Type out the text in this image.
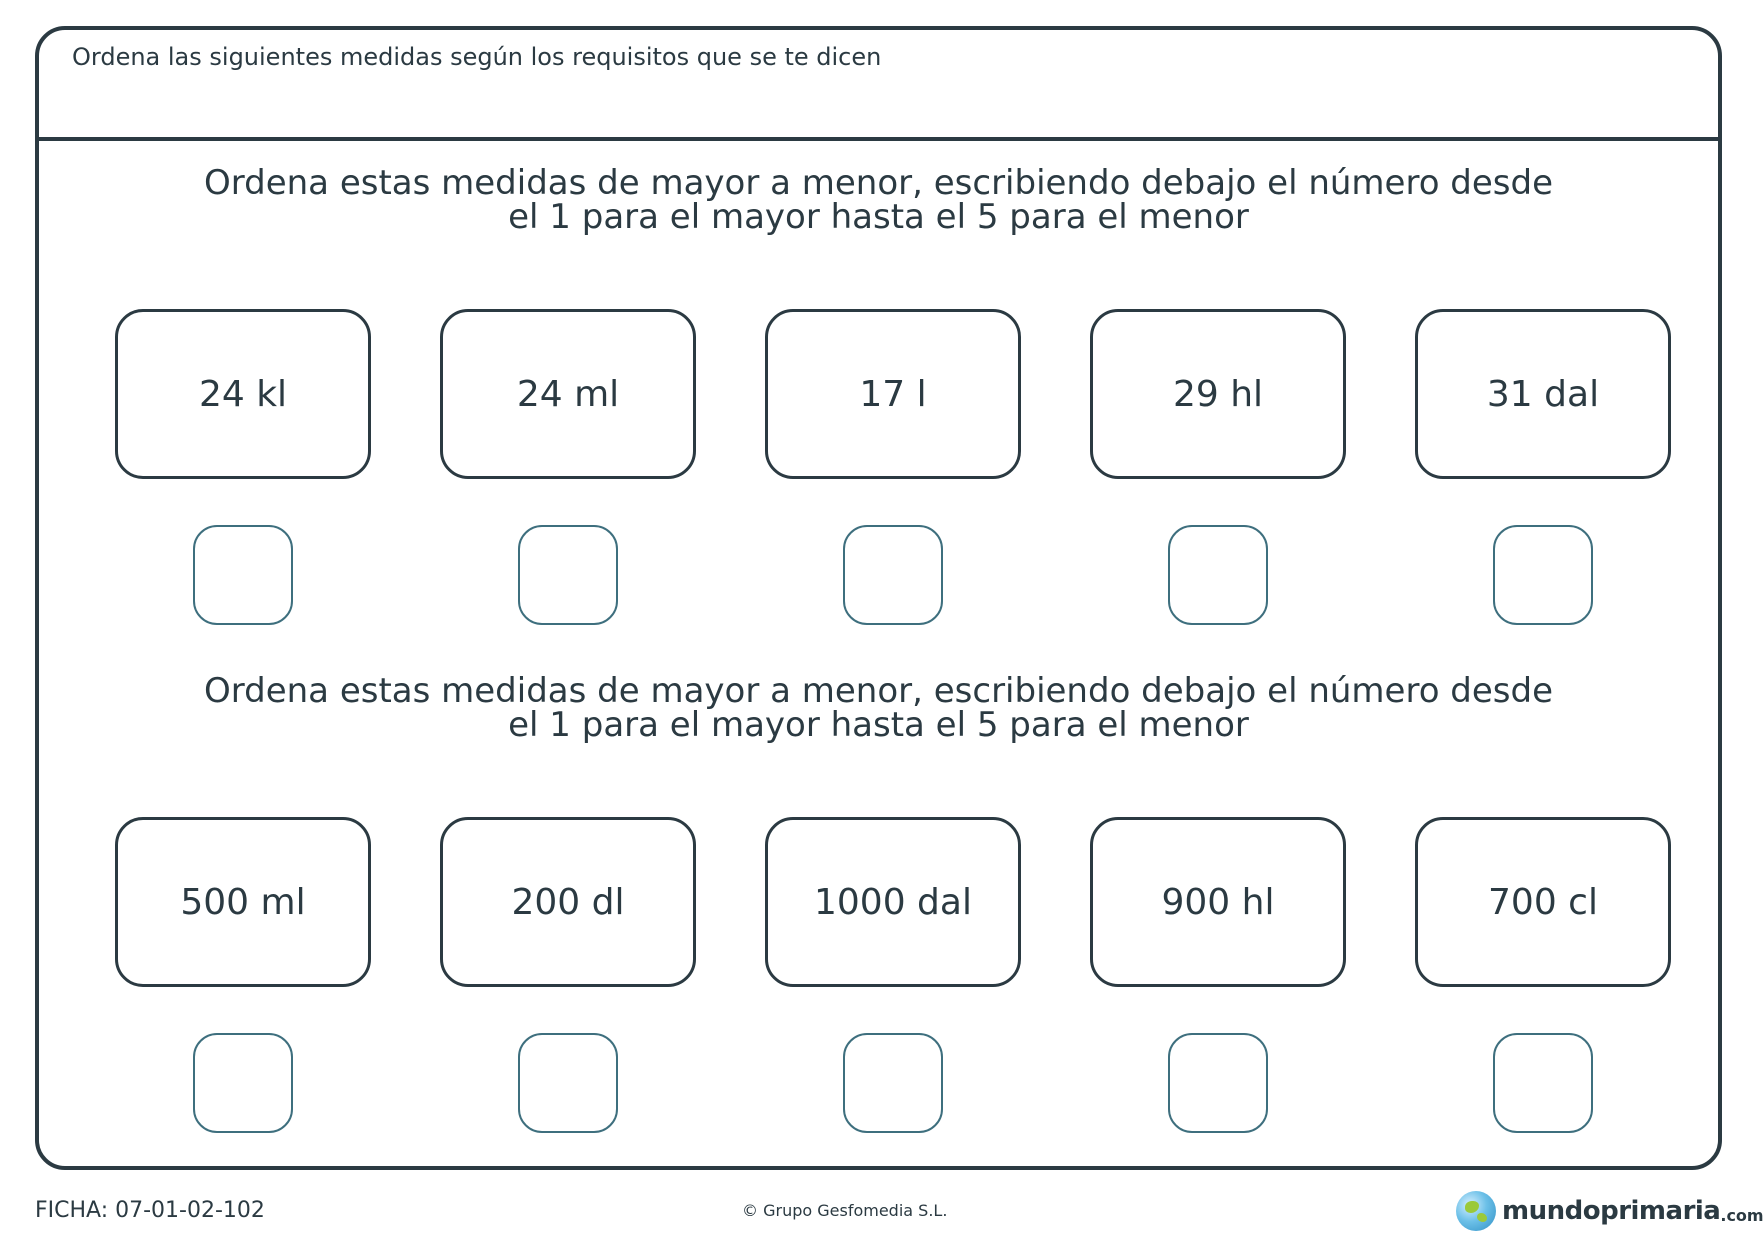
Ordena las siguientes medidas según los requisitos que se te dicen
Ordena estas medidas de mayor a menor, escribiendo debajo el número desde
el 1 para el mayor hasta el 5 para el menor
24 kl	24 ml	17 l	29 hl	31 dal
Ordena estas medidas de mayor a menor, escribiendo debajo el número desde
el 1 para el mayor hasta el 5 para el menor
500 ml	200 dl	1000 dal	900 hl	700 cl
FICHA: 07-01-02-102	© Grupo Gesfomedia S.L.	mundoprimaria .com
